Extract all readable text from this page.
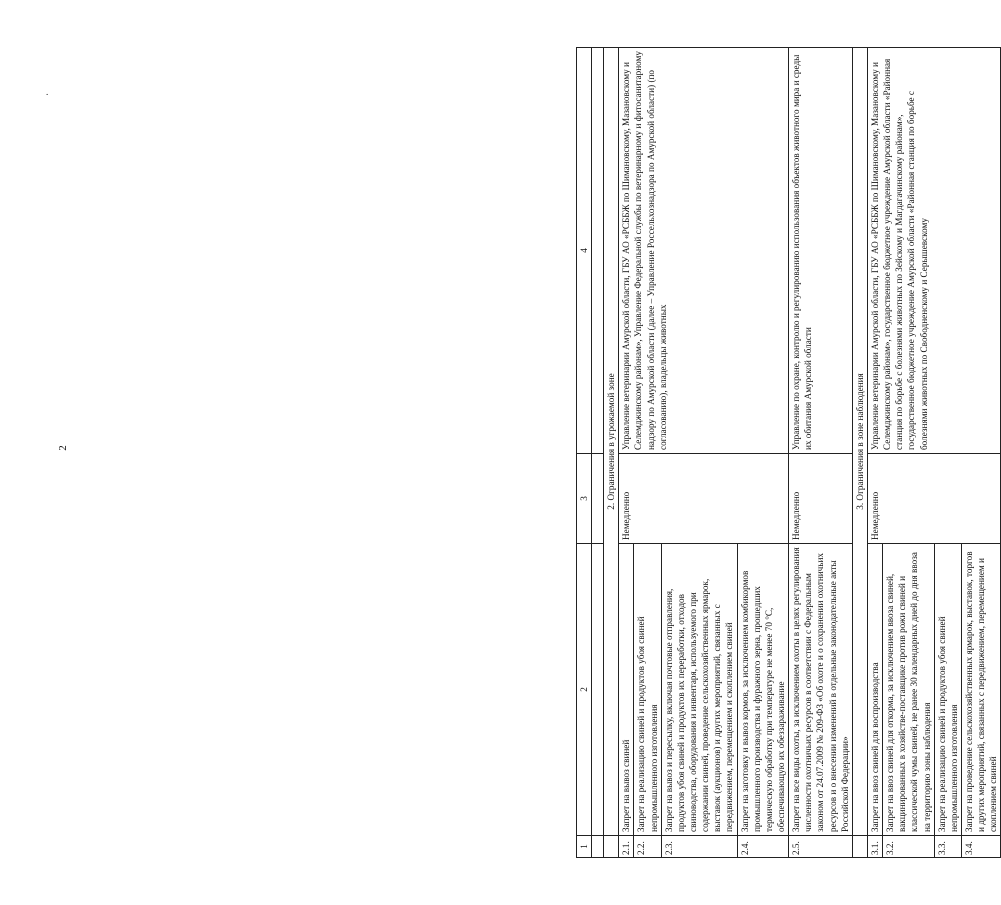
.
2
1	2	3	4

	2. Ограничения в угрожаемой зоне		
2.1.	Запрет на вывоз свиней	Немедленно	Управление ветеринарии Амурской области, ГБУ АО «РСББЖ по Шимановскому, Мазановскому и Селемджинскому районам», Управление Федеральной службы по ветеринарному и фитосанитарному надзору по Амурской области (далее – Управление Россельхознадзора по Амурской области) (по согласованию), владельцы животных
2.2.	Запрет на реализацию свиней и продуктов убоя свиней непромышленного изготовления		
2.3.	Запрет на вывоз и пересылку, включая почтовые отправления, продуктов убоя свиней и продуктов их переработки, отходов свиноводства, оборудования и инвентаря, используемого при содержании свиней, проведение сельскохозяйственных ярмарок, выставок (аукционов) и других мероприятий, связанных с передвижением, перемещением и скоплением свиней		
2.4.	Запрет на заготовку и вывоз кормов, за исключением комбикормов промышленного производства и фуражного зерна, прошедших термическую обработку при температуре не менее 70 °С, обеспечивающую их обеззараживание		
2.5.	Запрет на все виды охоты, за исключением охоты в целях регулирования численности охотничьих ресурсов в соответствии с Федеральным законом от 24.07.2009 № 209-ФЗ «Об охоте и о сохранении охотничьих ресурсов и о внесении изменений в отдельные законодательные акты Российской Федерации»	Немедленно	Управление по охране, контролю и регулированию использования объектов животного мира и среды их обитания Амурской области
	3. Ограничения в зоне наблюдения		
3.1.	Запрет на ввоз свиней для воспроизводства	Немедленно	Управление ветеринарии Амурской области, ГБУ АО «РСББЖ по Шимановскому, Мазановскому и Селемджинскому районам», государственное бюджетное учреждение Амурской области «Районная станция по борьбе с болезнями животных по Зейскому и Магдагачинскому районам», государственное бюджетное учреждение Амурской области «Районная станция по борьбе с болезнями животных по Свободненскому и Серышевскому
3.2.	Запрет на ввоз свиней для откорма, за исключением ввоза свиней, вакцинированных в хозяйстве-поставщике против рожи свиней и классической чумы свиней, не ранее 30 календарных дней до дня ввоза на территорию зоны наблюдения		
3.3.	Запрет на реализацию свиней и продуктов убоя свиней непромышленного изготовления		
3.4.	Запрет на проведение сельскохозяйственных ярмарок, выставок, торгов и других мероприятий, связанных с передвижением, перемещением и скоплением свиней		
